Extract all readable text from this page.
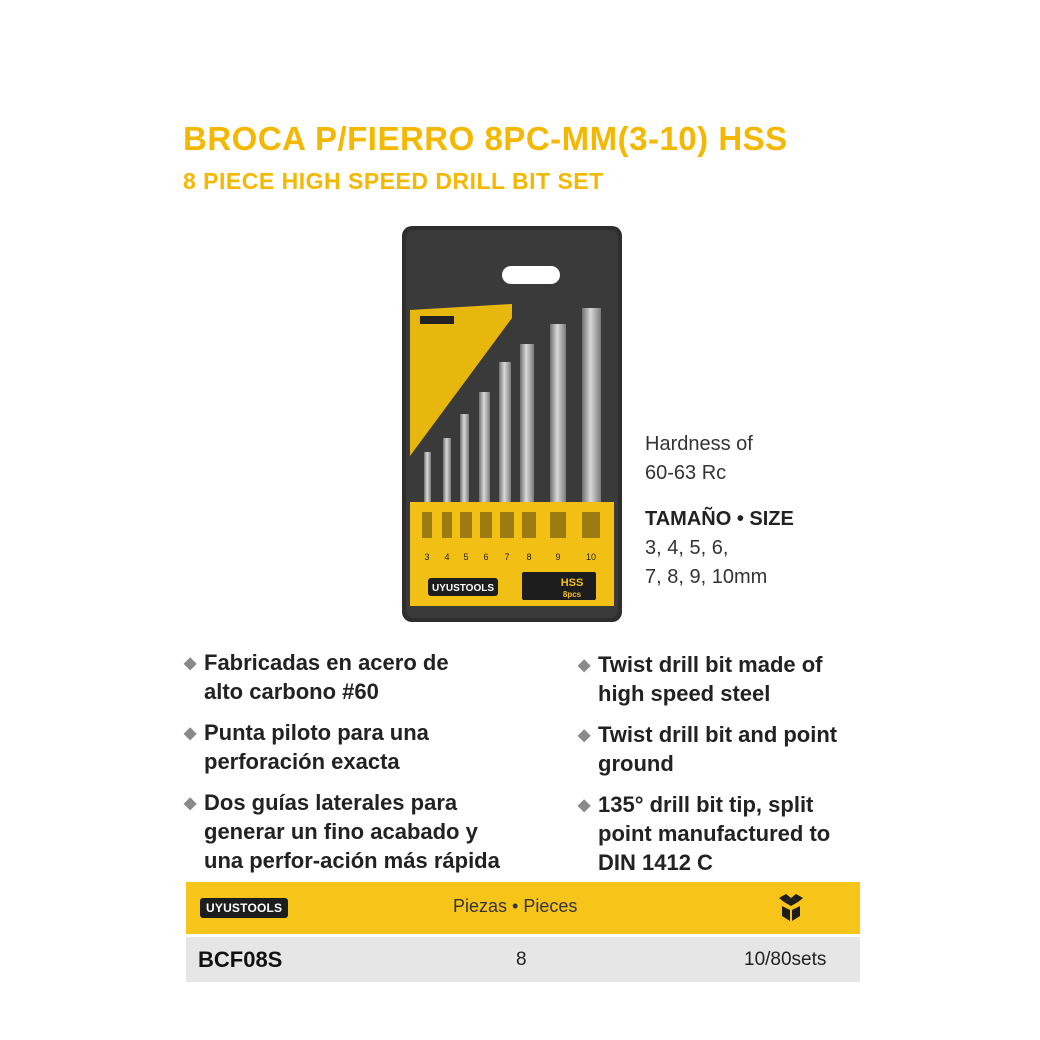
BROCA P/FIERRO 8PC-MM(3-10) HSS
8 PIECE HIGH SPEED DRILL BIT SET
3 4 5 6 7 8	9	10
UYUSTOOLS	HSS
8pcs
Hardness of
60-63 Rc
TAMAÑO • SIZE
3, 4, 5, 6,
7, 8, 9, 10mm
◆ Fabricadas en acero de
alto carbono #60
◆ Punta piloto para una
perforación exacta
◆ Dos guías laterales para
generar un fino acabado y
una perfor-ación más rápida
◆ Twist drill bit made of
high speed steel
◆ Twist drill bit and point
ground
◆ 135° drill bit tip, split
point manufactured to
DIN 1412 C
UYUSTOOLS	Piezas • Pieces
BCF08S	8	10/80sets
